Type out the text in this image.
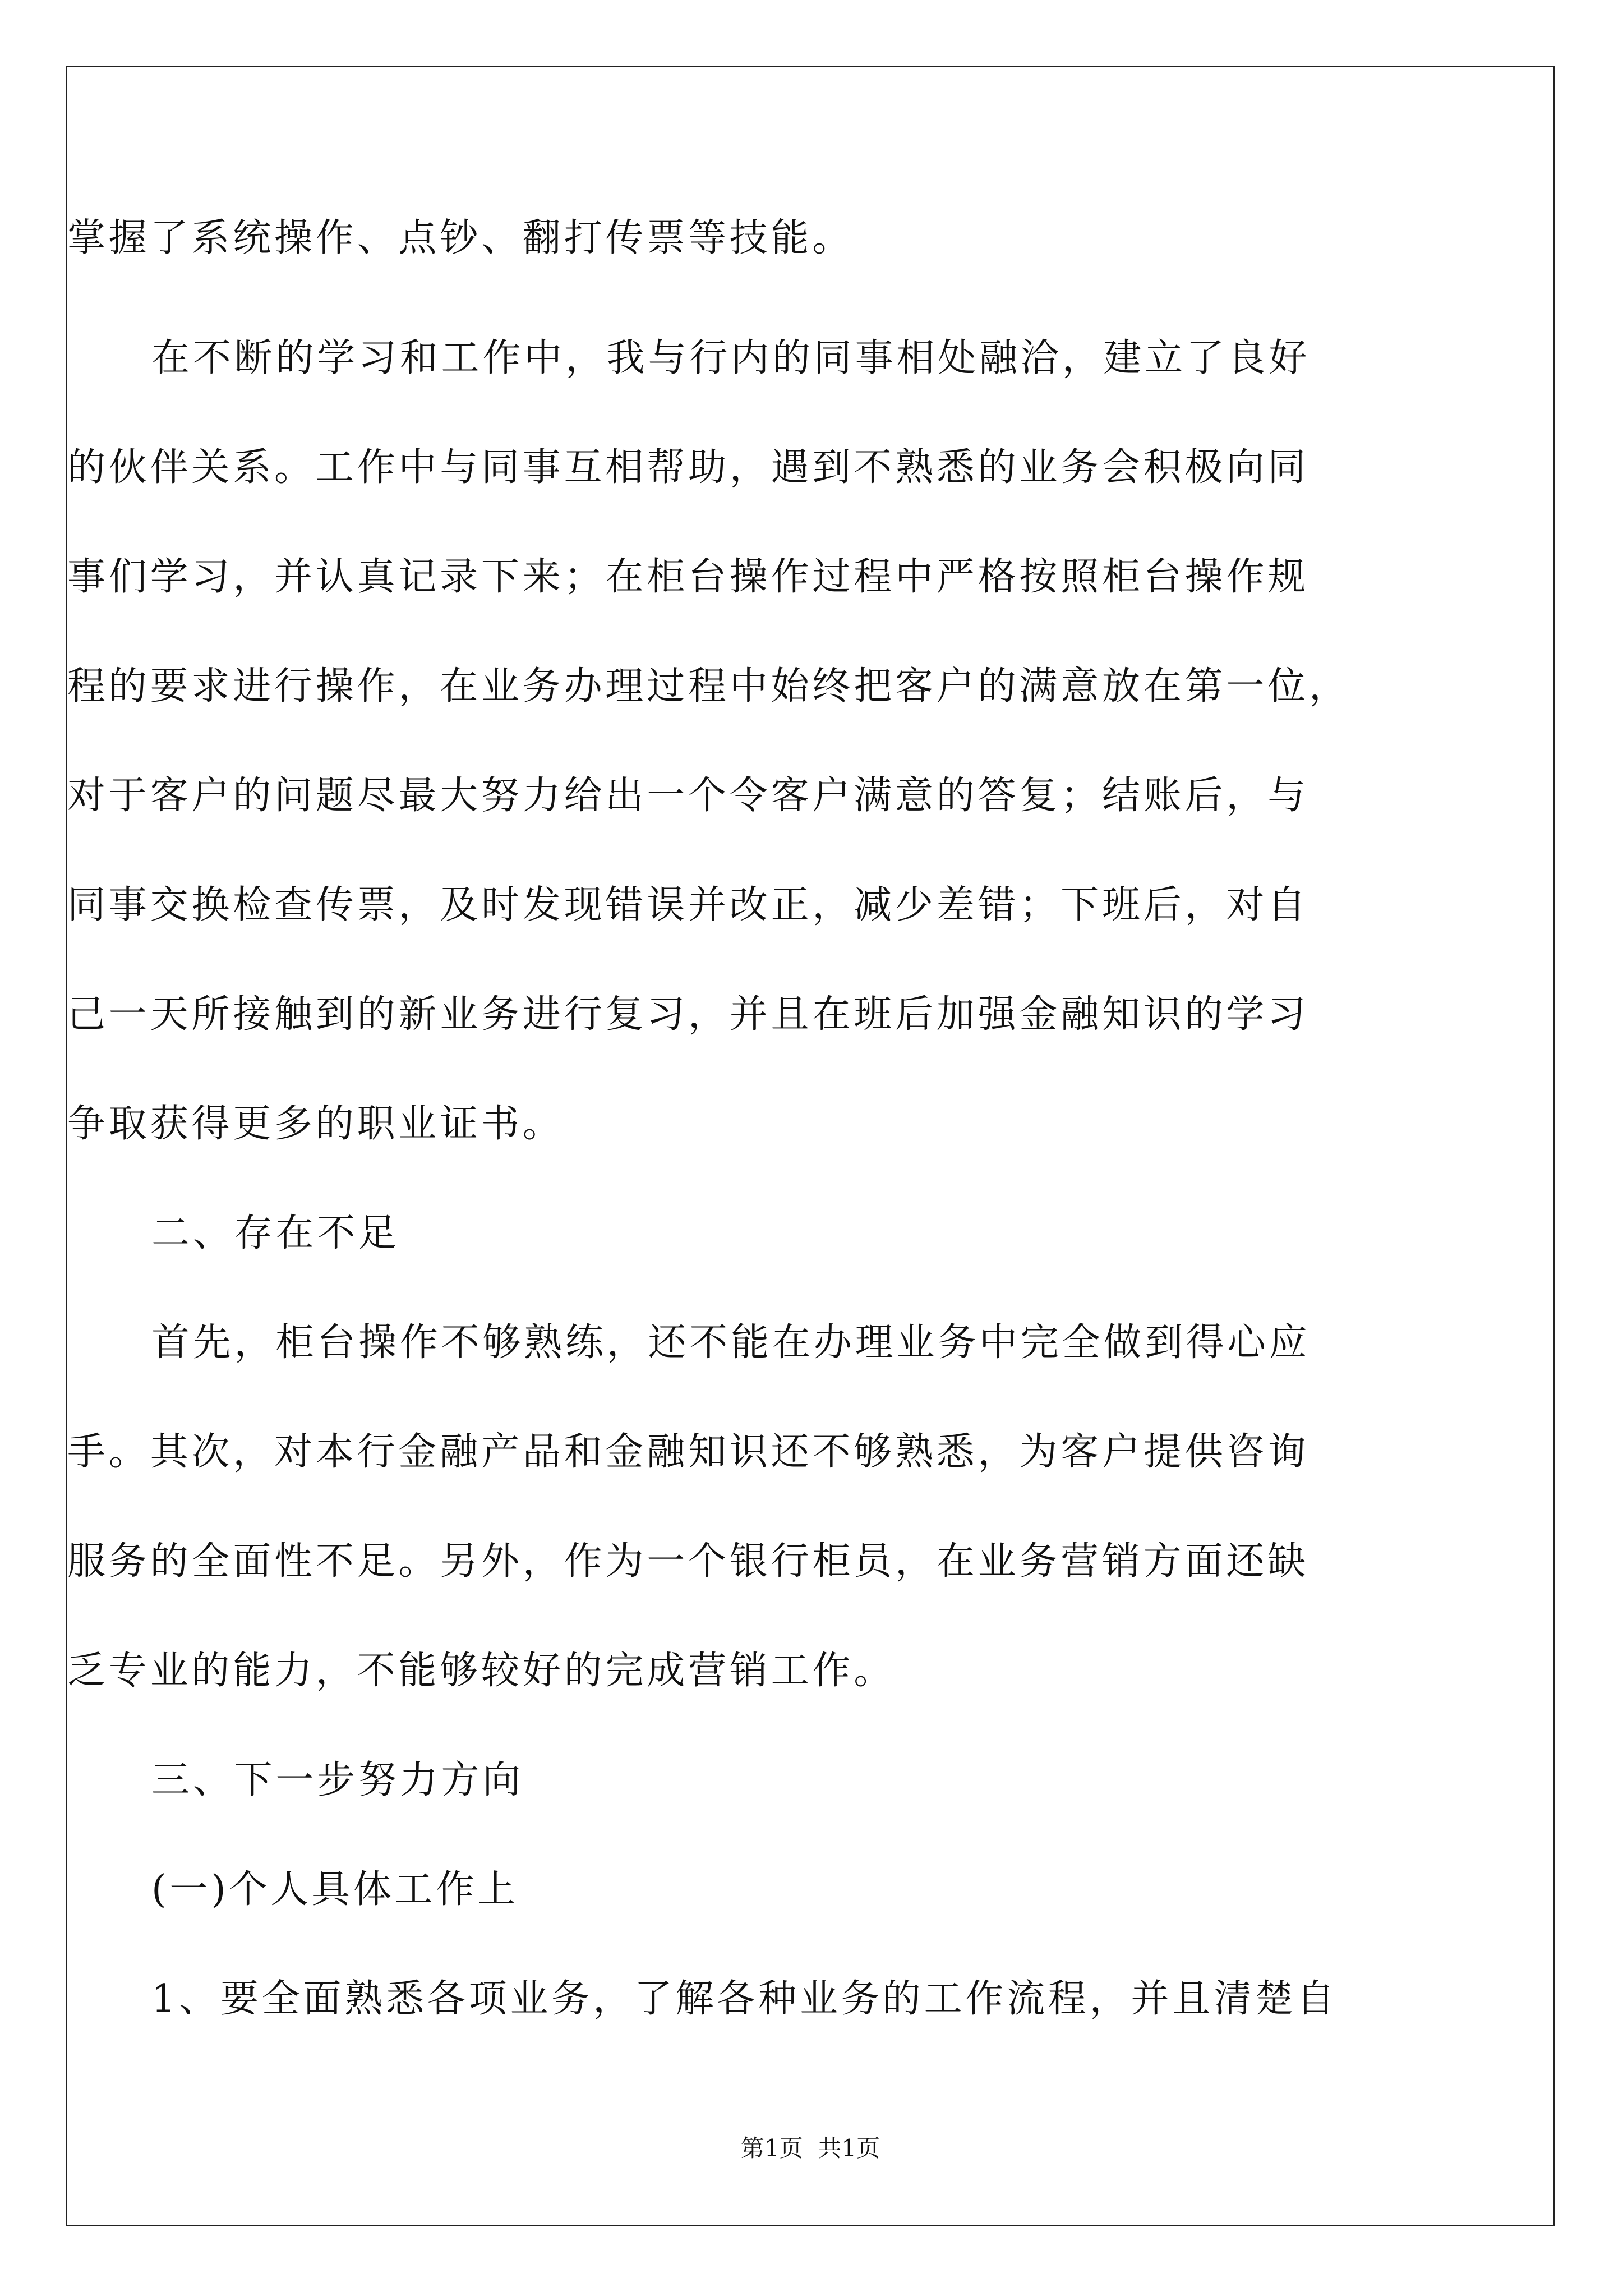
掌握了系统操作、点钞、翻打传票等技能。

在不断的学习和工作中，我与行内的同事相处融洽，建立了良好

的伙伴关系。工作中与同事互相帮助，遇到不熟悉的业务会积极向同

事们学习，并认真记录下来；在柜台操作过程中严格按照柜台操作规

程的要求进行操作，在业务办理过程中始终把客户的满意放在第一位，

对于客户的问题尽最大努力给出一个令客户满意的答复；结账后，与

同事交换检查传票，及时发现错误并改正，减少差错；下班后，对自

己一天所接触到的新业务进行复习，并且在班后加强金融知识的学习

争取获得更多的职业证书。

二、存在不足

首先，柜台操作不够熟练，还不能在办理业务中完全做到得心应

手。其次，对本行金融产品和金融知识还不够熟悉，为客户提供咨询

服务的全面性不足。另外，作为一个银行柜员，在业务营销方面还缺

乏专业的能力，不能够较好的完成营销工作。

三、下一步努力方向

(一)个人具体工作上

1、要全面熟悉各项业务，了解各种业务的工作流程，并且清楚自

第1页  共1页
